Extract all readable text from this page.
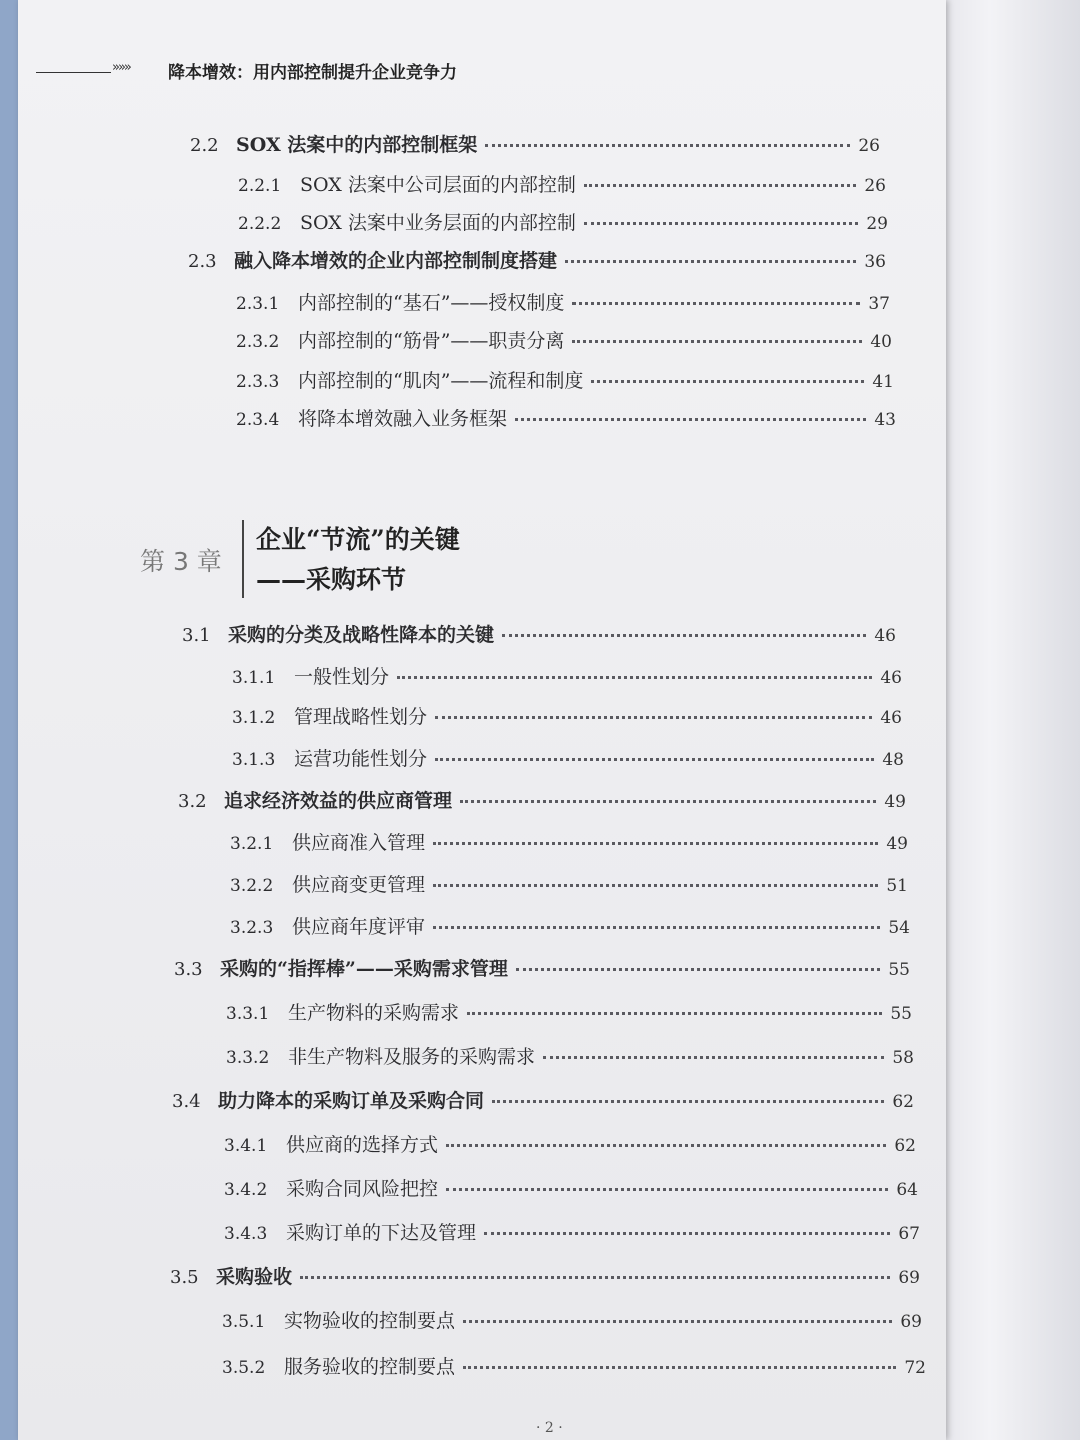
»»» 降本增效：用内部控制提升企业竞争力
2.2 SOX 法案中的内部控制框架	26
2.2.1 SOX 法案中公司层面的内部控制	26
2.2.2 SOX 法案中业务层面的内部控制	29
2.3 融入降本增效的企业内部控制制度搭建	36
2.3.1 内部控制的“基石”——授权制度	37
2.3.2 内部控制的“筋骨”——职责分离	40
2.3.3 内部控制的“肌肉”——流程和制度	41
2.3.4 将降本增效融入业务框架	43
第 3 章
企业“节流”的关键
——采购环节
3.1 采购的分类及战略性降本的关键	46
3.1.1 一般性划分	46
3.1.2 管理战略性划分	46
3.1.3 运营功能性划分	48
3.2 追求经济效益的供应商管理	49
3.2.1 供应商准入管理	49
3.2.2 供应商变更管理	51
3.2.3 供应商年度评审	54
3.3 采购的“指挥棒”——采购需求管理	55
3.3.1 生产物料的采购需求	55
3.3.2 非生产物料及服务的采购需求	58
3.4 助力降本的采购订单及采购合同	62
3.4.1 供应商的选择方式	62
3.4.2 采购合同风险把控	64
3.4.3 采购订单的下达及管理	67
3.5 采购验收	69
3.5.1 实物验收的控制要点	69
3.5.2 服务验收的控制要点	72
· 2 ·
